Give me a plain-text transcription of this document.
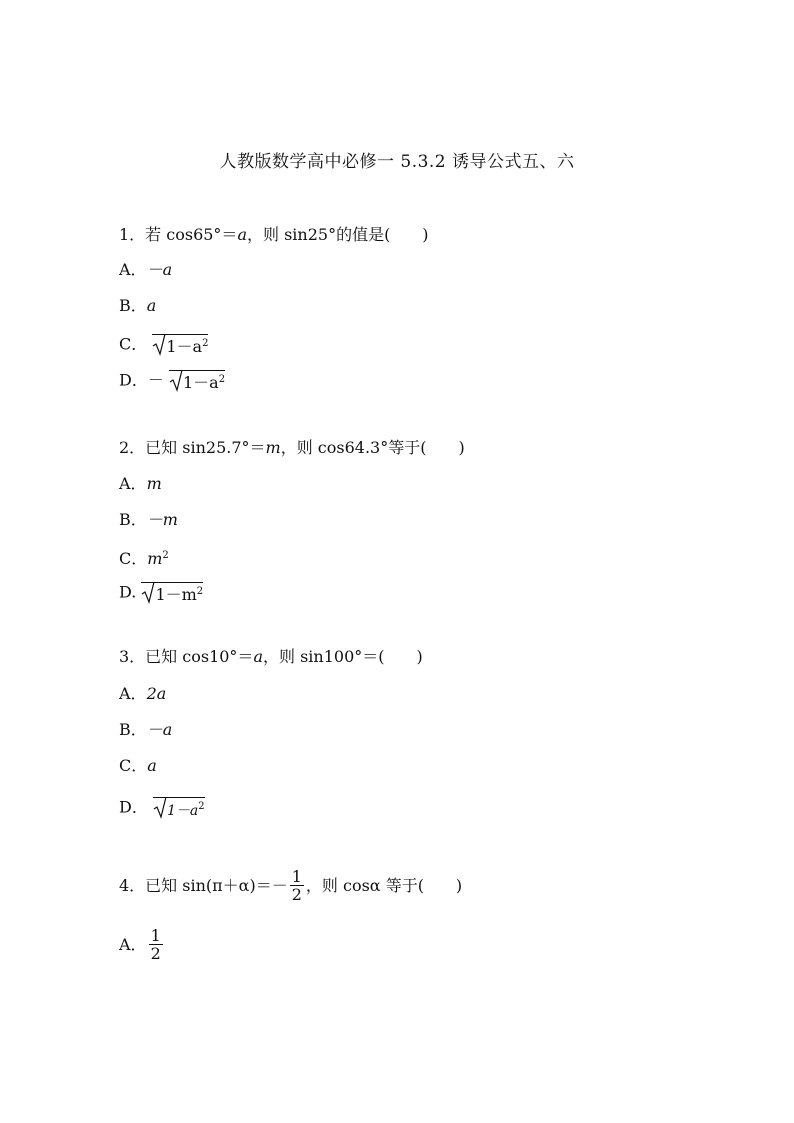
人教版数学高中必修一 5.3.2 诱导公式五、六
1．若 cos65°＝a，则 sin25°的值是(　　)
A．－a
B．a
C． $1-a^2$
D．－ $1-a^2$
2．已知 sin25.7°＝m，则 cos64.3°等于(　　)
A．m
B．－m
C．$m^2$
D. $1-m^2$
3．已知 cos10°＝a，则 sin100°＝(　　)
A．2a
B．－a
C．a
D． $1-a^2$
4．已知 $\sin(\pi+\alpha)=- \frac{1}{2}$ ，则 cosα 等于(　　)
A． $\frac{1}{2}$
